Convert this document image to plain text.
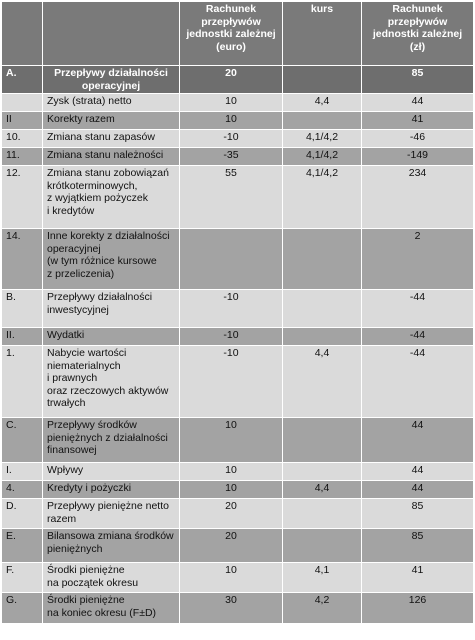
		Rachunek przepływów jednostki zależnej (euro)	kurs	Rachunek przepływów jednostki zależnej (zł)
A.	Przepływy działalności operacyjnej	20		85
	Zysk (strata) netto	10	4,4	44
II	Korekty razem	10		41
10.	Zmiana stanu zapasów	-10	4,1/4,2	-46
11.	Zmiana stanu należności	-35	4,1/4,2	-149
12.	Zmiana stanu zobowiązań krótkoterminowych,
z wyjątkiem pożyczek
i kredytów	55	4,1/4,2	234
14.	Inne korekty z działalności operacyjnej
(w tym różnice kursowe
z przeliczenia)			2
B.	Przepływy działalności inwestycyjnej	-10		-44
II.	Wydatki	-10		-44
1.	Nabycie wartości niematerialnych
i prawnych
oraz rzeczowych aktywów trwałych	-10	4,4	-44
C.	Przepływy środków pieniężnych z działalności finansowej	10		44
I.	Wpływy	10		44
4.	Kredyty i pożyczki	10	4,4	44
D.	Przepływy pieniężne netto razem	20		85
E.	Bilansowa zmiana środków pieniężnych	20		85
F.	Środki pieniężne
na początek okresu	10	4,1	41
G.	Środki pieniężne
na koniec okresu (F±D)	30	4,2	126
